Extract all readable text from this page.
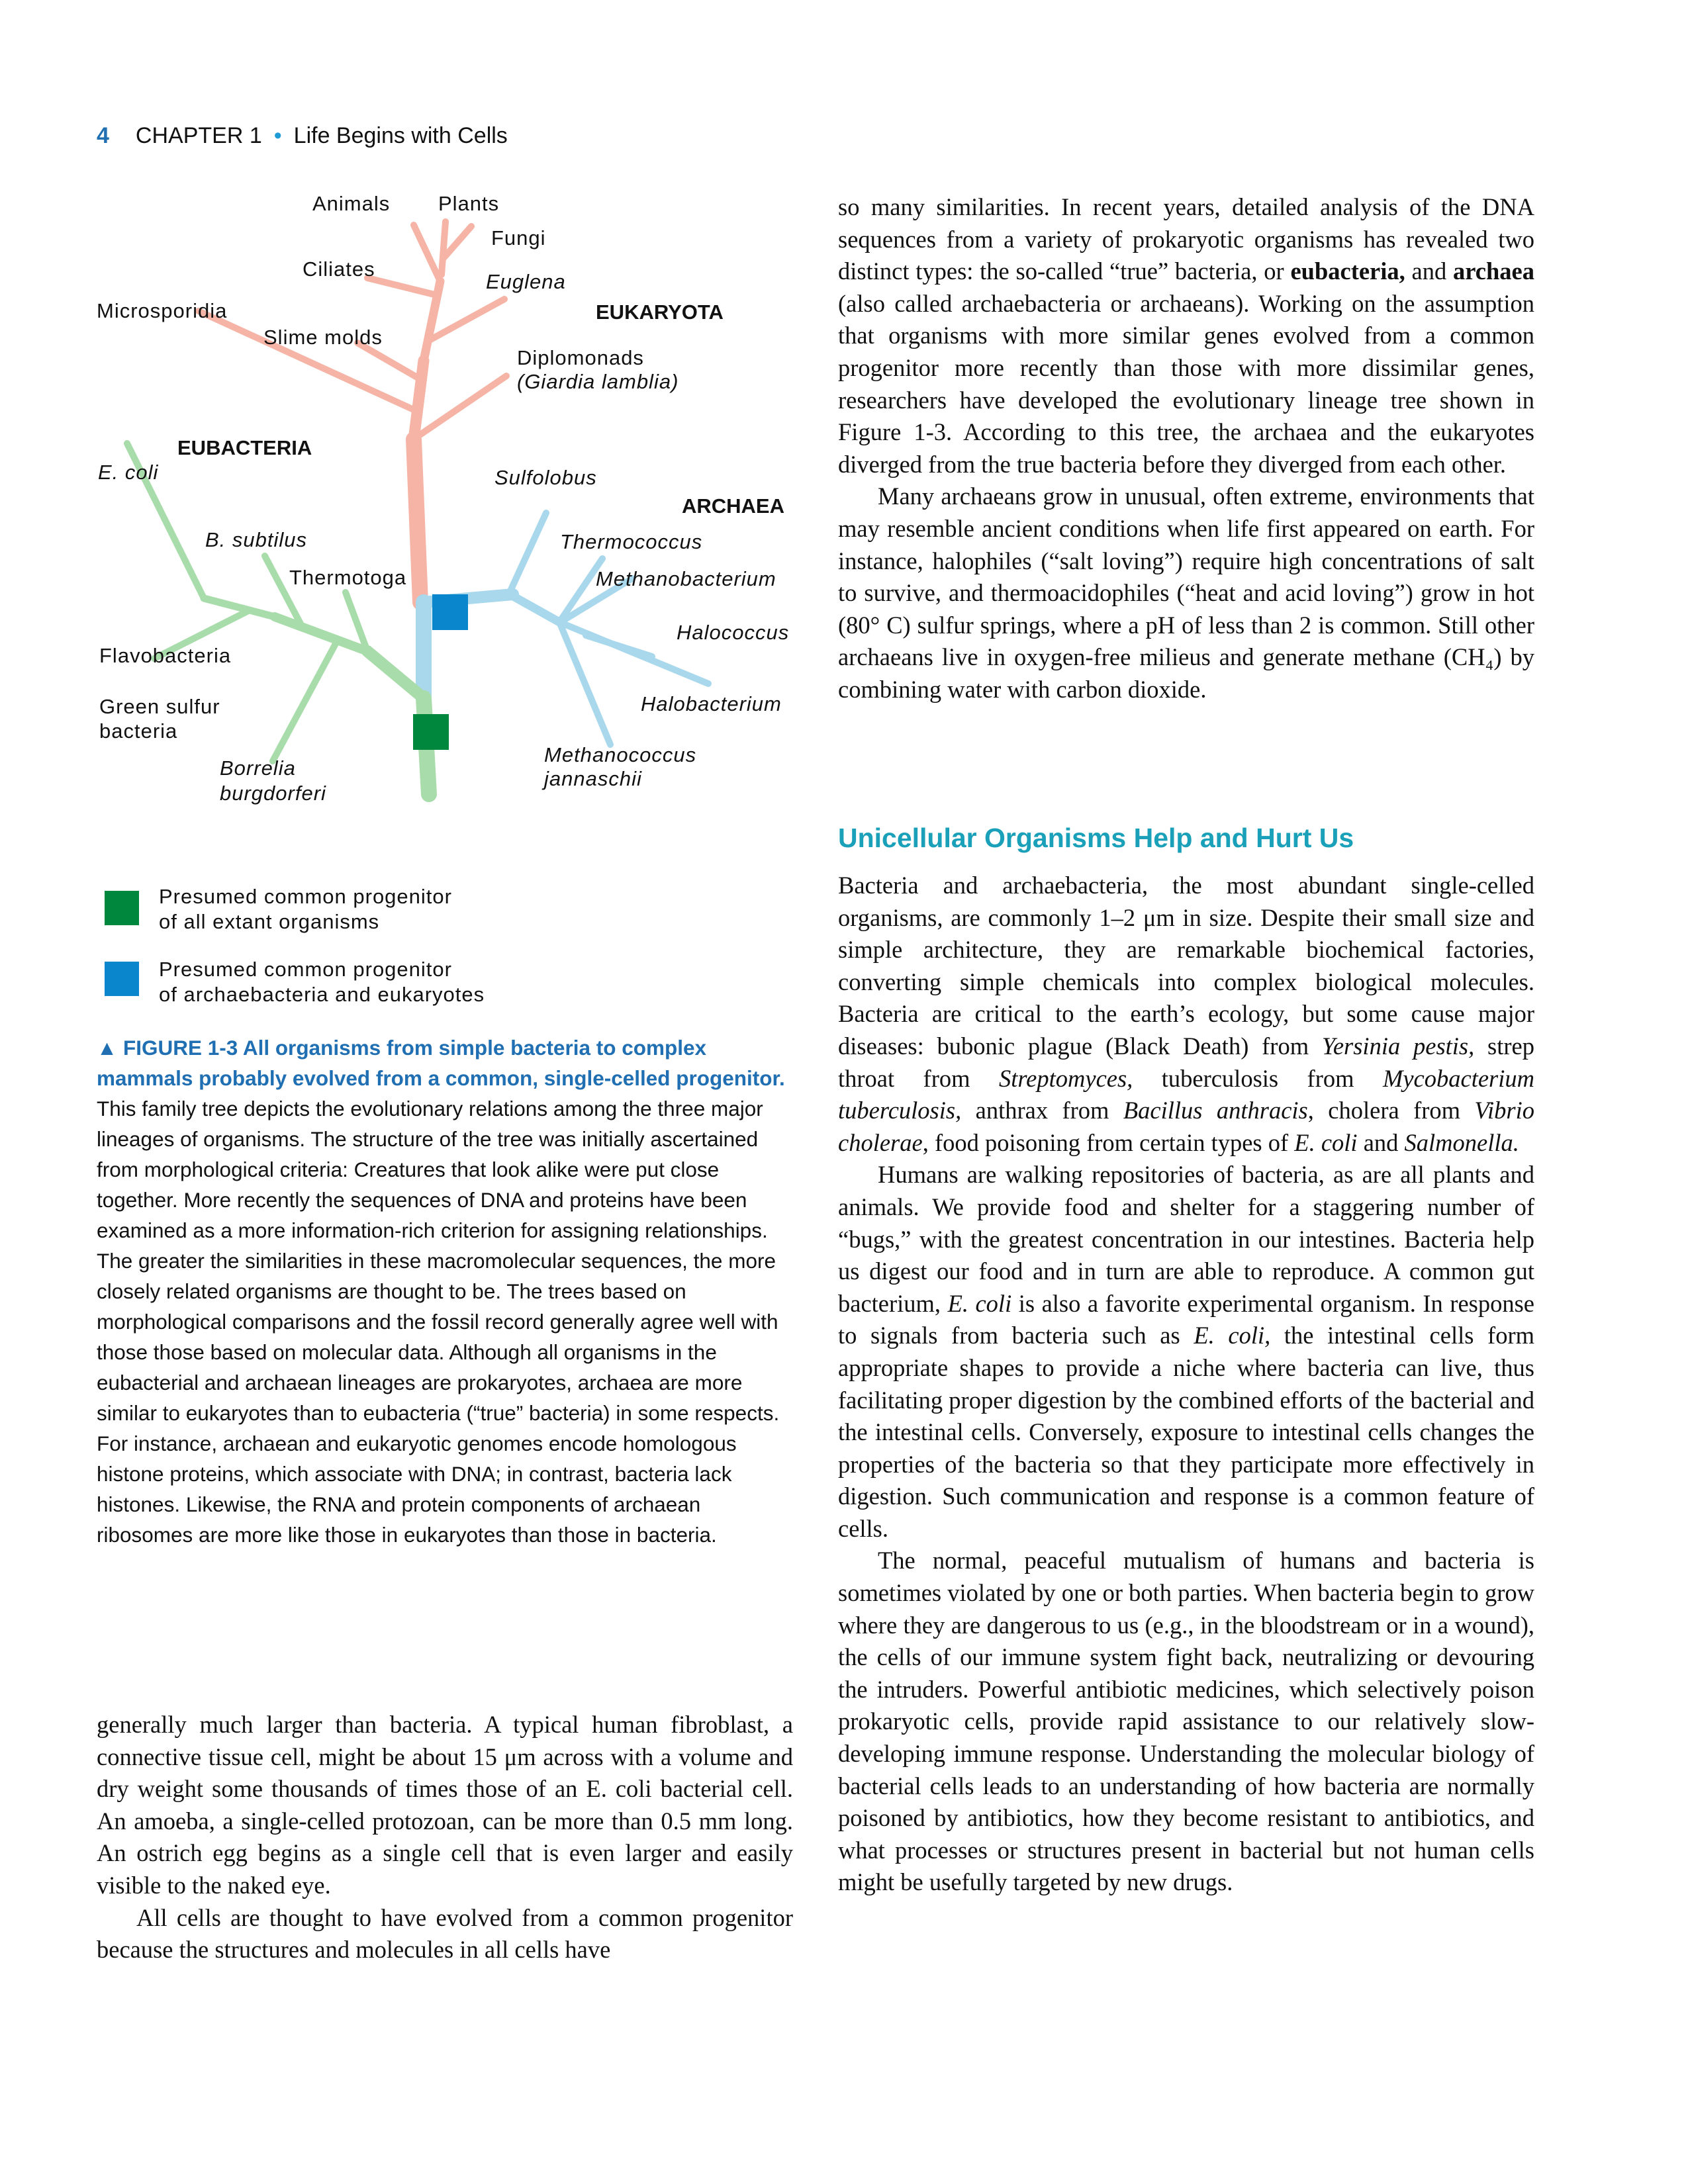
4 CHAPTER 1 • Life Begins with Cells
Animals Plants
Fungi
Ciliates
Euglena
Microsporidia	EUKARYOTA
Slime molds
Diplomonads
(Giardia lamblia)
EUBACTERIA
E. coli	Sulfolobus
ARCHAEA
B. subtilus	Thermococcus
Thermotoga	Methanobacterium
Halococcus
Flavobacteria
Green sulfur
bacteria
Halobacterium
Methanococcus
jannaschii
Borrelia
burgdorferi
Presumed common progenitor
of all extant organisms
Presumed common progenitor
of archaebacteria and eukaryotes
▲ FIGURE 1-3 All organisms from simple bacteria to complex mammals probably evolved from a common, single-celled progenitor. This family tree depicts the evolutionary relations among the three major lineages of organisms. The structure of the tree was initially ascertained from morphological criteria: Creatures that look alike were put close together. More recently the sequences of DNA and proteins have been examined as a more information-rich criterion for assigning relationships. The greater the similarities in these macromolecular sequences, the more closely related organisms are thought to be. The trees based on morphological comparisons and the fossil record generally agree well with those those based on molecular data. Although all organisms in the eubacterial and archaean lineages are prokaryotes, archaea are more similar to eukaryotes than to eubacteria (“true” bacteria) in some respects. For instance, archaean and eukaryotic genomes encode homologous histone proteins, which associate with DNA; in contrast, bacteria lack histones. Likewise, the RNA and protein components of archaean ribosomes are more like those in eukaryotes than those in bacteria.

generally much larger than bacteria. A typical human fibroblast, a connective tissue cell, might be about 15 μm across with a volume and dry weight some thousands of times those of an E. coli bacterial cell. An amoeba, a single-celled protozoan, can be more than 0.5 mm long. An ostrich egg begins as a single cell that is even larger and easily visible to the naked eye.

All cells are thought to have evolved from a common progenitor because the structures and molecules in all cells have

so many similarities. In recent years, detailed analysis of the DNA sequences from a variety of prokaryotic organisms has revealed two distinct types: the so-called “true” bacteria, or eubacteria, and archaea (also called archaebacteria or archaeans). Working on the assumption that organisms with more similar genes evolved from a common progenitor more recently than those with more dissimilar genes, researchers have developed the evolutionary lineage tree shown in Figure 1-3. According to this tree, the archaea and the eukaryotes diverged from the true bacteria before they diverged from each other.

Many archaeans grow in unusual, often extreme, environments that may resemble ancient conditions when life first appeared on earth. For instance, halophiles (“salt loving”) require high concentrations of salt to survive, and thermoacidophiles (“heat and acid loving”) grow in hot (80° C) sulfur springs, where a pH of less than 2 is common. Still other archaeans live in oxygen-free milieus and generate methane (CH₄) by combining water with carbon dioxide.

Unicellular Organisms Help and Hurt Us

Bacteria and archaebacteria, the most abundant single-celled organisms, are commonly 1–2 μm in size. Despite their small size and simple architecture, they are remarkable biochemical factories, converting simple chemicals into complex biological molecules. Bacteria are critical to the earth’s ecology, but some cause major diseases: bubonic plague (Black Death) from Yersinia pestis, strep throat from Streptomyces, tuberculosis from Mycobacterium tuberculosis, anthrax from Bacillus anthracis, cholera from Vibrio cholerae, food poisoning from certain types of E. coli and Salmonella.

Humans are walking repositories of bacteria, as are all plants and animals. We provide food and shelter for a staggering number of “bugs,” with the greatest concentration in our intestines. Bacteria help us digest our food and in turn are able to reproduce. A common gut bacterium, E. coli is also a favorite experimental organism. In response to signals from bacteria such as E. coli, the intestinal cells form appropriate shapes to provide a niche where bacteria can live, thus facilitating proper digestion by the combined efforts of the bacterial and the intestinal cells. Conversely, exposure to intestinal cells changes the properties of the bacteria so that they participate more effectively in digestion. Such communication and response is a common feature of cells.

The normal, peaceful mutualism of humans and bacteria is sometimes violated by one or both parties. When bacteria begin to grow where they are dangerous to us (e.g., in the bloodstream or in a wound), the cells of our immune system fight back, neutralizing or devouring the intruders. Powerful antibiotic medicines, which selectively poison prokaryotic cells, provide rapid assistance to our relatively slow-developing immune response. Understanding the molecular biology of bacterial cells leads to an understanding of how bacteria are normally poisoned by antibiotics, how they become resistant to antibiotics, and what processes or structures present in bacterial but not human cells might be usefully targeted by new drugs.
